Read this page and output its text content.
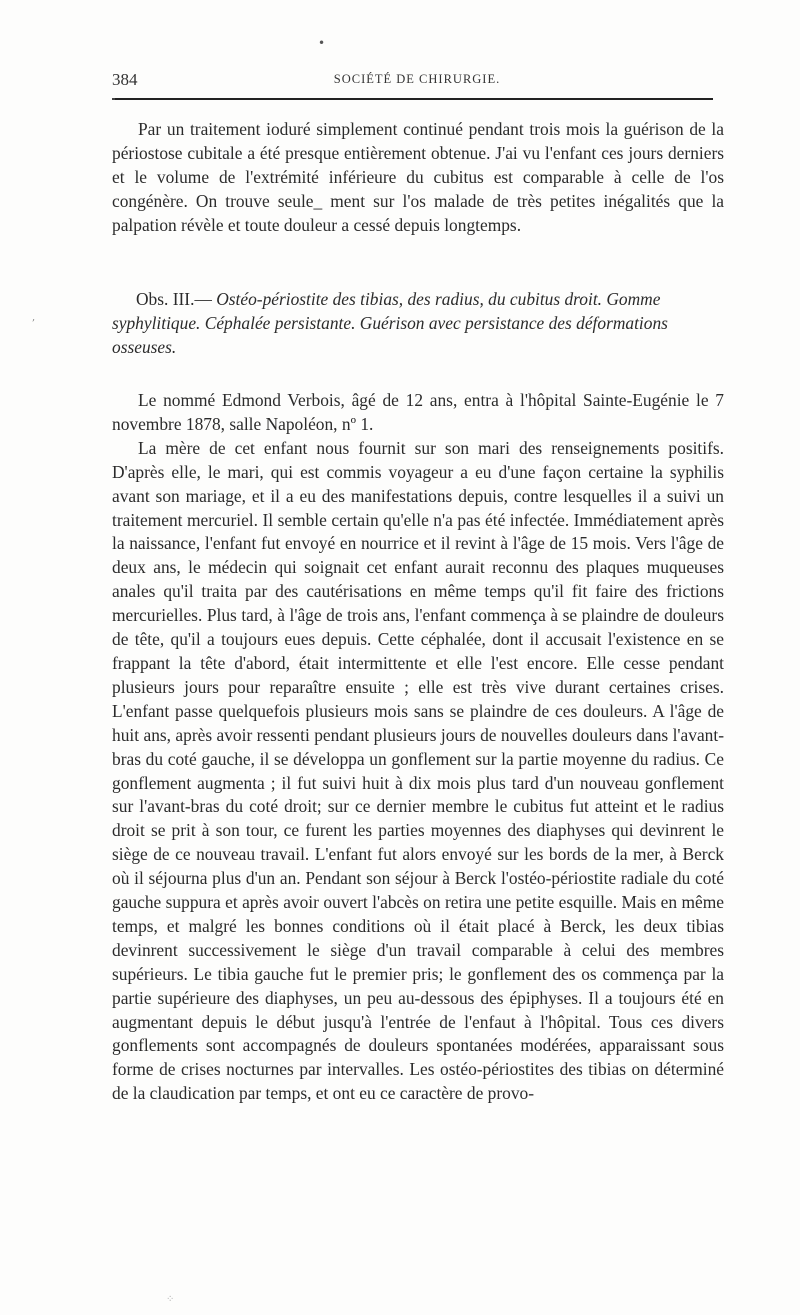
•
384	SOCIÉTÉ DE CHIRURGIE.

Par un traitement ioduré simplement continué pendant trois mois la guérison de la périostose cubitale a été presque entièrement obtenue. J'ai vu l'enfant ces jours derniers et le volume de l'extrémité inférieure du cubitus est comparable à celle de l'os congénère. On trouve seule_ ment sur l'os malade de très petites inégalités que la palpation révèle et toute douleur a cessé depuis longtemps.

,
Obs. III.— Ostéo-périostite des tibias, des radius, du cubitus droit. Gomme syphylitique. Céphalée persistante. Guérison avec persistance des déformations osseuses.

Le nommé Edmond Verbois, âgé de 12 ans, entra à l'hôpital Sainte-Eugénie le 7 novembre 1878, salle Napoléon, nº 1.

La mère de cet enfant nous fournit sur son mari des renseignements positifs. D'après elle, le mari, qui est commis voyageur a eu d'une façon certaine la syphilis avant son mariage, et il a eu des manifestations depuis, contre lesquelles il a suivi un traitement mercuriel. Il semble certain qu'elle n'a pas été infectée. Immédiatement après la naissance, l'enfant fut envoyé en nourrice et il revint à l'âge de 15 mois. Vers l'âge de deux ans, le médecin qui soignait cet enfant aurait reconnu des plaques muqueuses anales qu'il traita par des cautérisations en même temps qu'il fit faire des frictions mercurielles. Plus tard, à l'âge de trois ans, l'enfant commença à se plaindre de douleurs de tête, qu'il a toujours eues depuis. Cette céphalée, dont il accusait l'existence en se frappant la tête d'abord, était intermittente et elle l'est encore. Elle cesse pendant plusieurs jours pour reparaître ensuite ; elle est très vive durant certaines crises. L'enfant passe quelquefois plusieurs mois sans se plaindre de ces douleurs. A l'âge de huit ans, après avoir ressenti pendant plusieurs jours de nouvelles douleurs dans l'avant-bras du coté gauche, il se développa un gonflement sur la partie moyenne du radius. Ce gonflement augmenta ; il fut suivi huit à dix mois plus tard d'un nouveau gonflement sur l'avant-bras du coté droit; sur ce dernier membre le cubitus fut atteint et le radius droit se prit à son tour, ce furent les parties moyennes des diaphyses qui devinrent le siège de ce nouveau travail. L'enfant fut alors envoyé sur les bords de la mer, à Berck où il séjourna plus d'un an. Pendant son séjour à Berck l'ostéo-périostite radiale du coté gauche suppura et après avoir ouvert l'abcès on retira une petite esquille. Mais en même temps, et malgré les bonnes conditions où il était placé à Berck, les deux tibias devinrent successivement le siège d'un travail comparable à celui des membres supérieurs. Le tibia gauche fut le premier pris; le gonflement des os commença par la partie supérieure des diaphyses, un peu au-dessous des épiphyses. Il a toujours été en augmentant depuis le début jusqu'à l'entrée de l'enfaut à l'hôpital. Tous ces divers gonflements sont accompagnés de douleurs spontanées modérées, apparaissant sous forme de crises nocturnes par intervalles. Les ostéo-périostites des tibias on déterminé de la claudication par temps, et ont eu ce caractère de provo-

⁘
